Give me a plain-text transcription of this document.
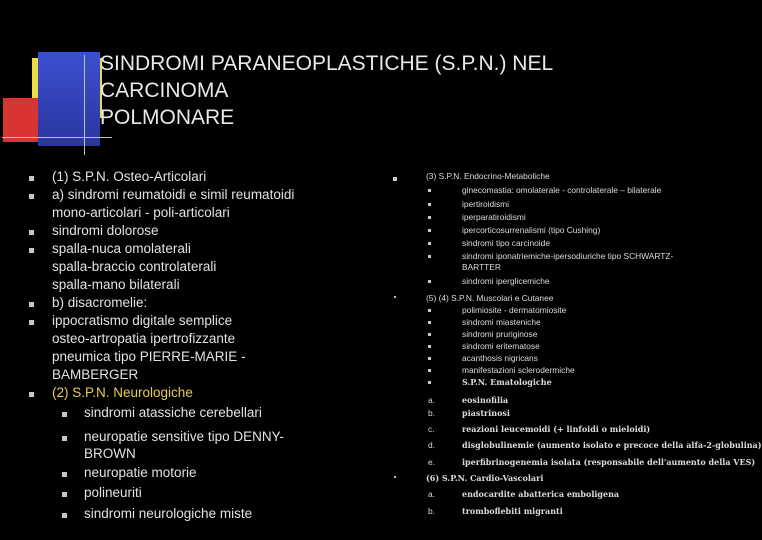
SINDROMI PARANEOPLASTICHE (S.P.N.) NEL
CARCINOMA
POLMONARE
(1) S.P.N. Osteo-Articolari
a) sindromi reumatoidi e simil reumatoidi
mono-articolari - poli-articolari
sindromi dolorose
spalla-nuca omolaterali
spalla-braccio controlaterali
spalla-mano bilaterali
b) disacromelie:
ippocratismo digitale semplice
osteo-artropatia ipertrofizzante
pneumica tipo PIERRE-MARIE -
BAMBERGER
(2) S.P.N. Neurologiche
sindromi atassiche cerebellari
neuropatie sensitive tipo DENNY-
BROWN
neuropatie motorie
polineuriti
sindromi neurologiche miste
(3) S.P.N. Endocrino-Metaboliche
ginecomastia: omolaterale - controlaterale – bilaterale
ipertiroidismi
iperparatiroidismi
ipercorticosurrenalismi (tipo Cushing)
sindromi tipo carcinoide
sindromi iponatriemiche-ipersodiuriche tipo SCHWARTZ-
BARTTER
sindromi iperglicemiche
(5) (4) S.P.N. Muscolari e Cutanee
polimiosite - dermatomiosite
sindromi miasteniche
sindromi pruriginose
sindromi eritematose
acanthosis nigricans
manifestazioni sclerodermiche
S.P.N. Ematologiche
a.	eosinofilia
b.	piastrinosi
c.	reazioni leucemoidi (+ linfoidi o mieloidi)
d.	disglobulinemie (aumento isolato e precoce della alfa-2-globulina)
e.	iperfibrinogenemia isolata (responsabile dell'aumento della VES)
(6) S.P.N. Cardio-Vascolari
a.	endocardite abatterica emboligena
b.	tromboflebiti migranti
